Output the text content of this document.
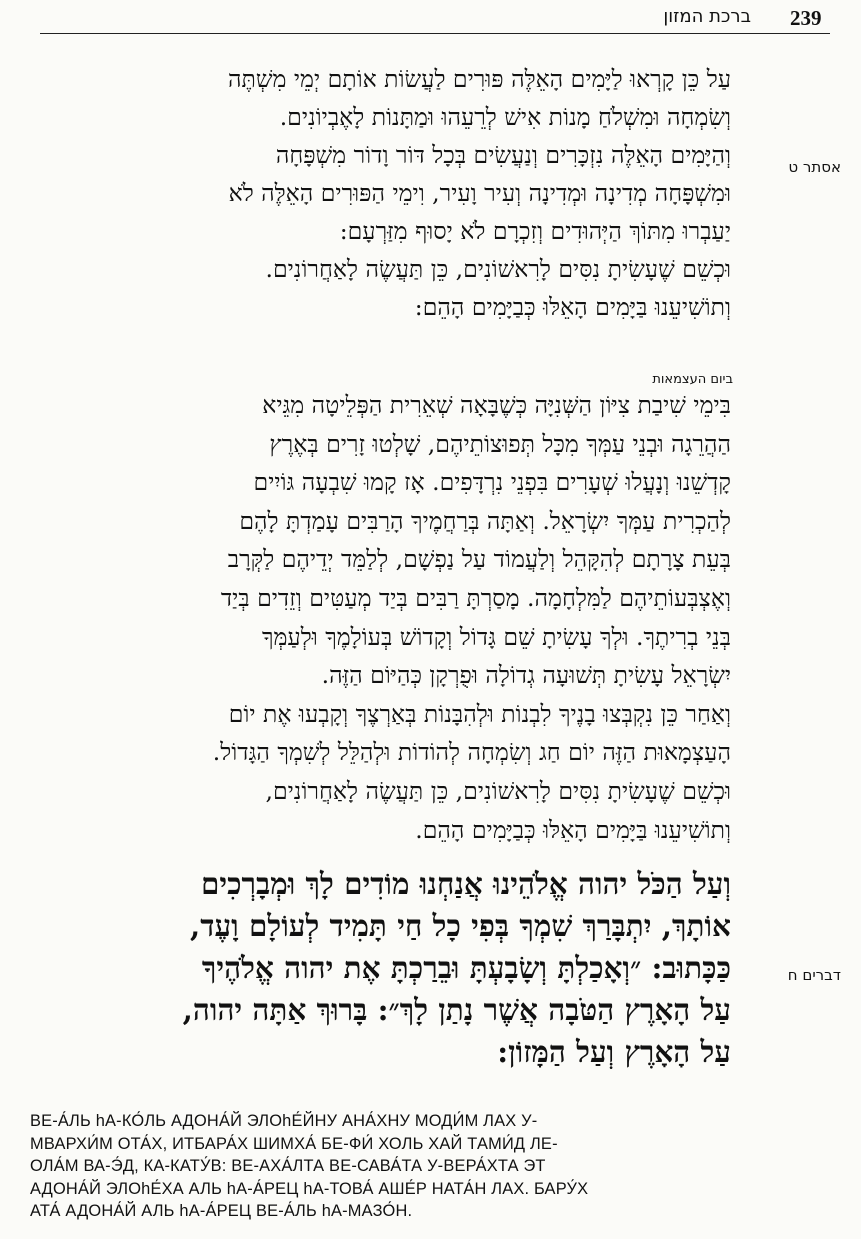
239
ברכת המזון
אסתר ט
עַל כֵּן קָרְאוּ לַיָּמִים הָאֵלֶּה פּוּרִים לַעֲשׂוֹת אוֹתָם יְמֵי מִשְׁתֶּה
וְשִׂמְחָה וּמִשְׁלֹחַ מָנוֹת אִישׁ לְרֵעֵהוּ וּמַתָּנוֹת לָאֶבְיוֹנִים.
וְהַיָּמִים הָאֵלֶּה נִזְכָּרִים וְנַעֲשִׂים בְּכָל דּוֹר וָדוֹר מִשְׁפָּחָה
וּמִשְׁפָּחָה מְדִינָה וּמְדִינָה וְעִיר וָעִיר, וִימֵי הַפּוּרִים הָאֵלֶּה לֹא
יַעַבְרוּ מִתּוֹךְ הַיְּהוּדִים וְזִכְרָם לֹא יָסוּף מִזַּרְעָם:
וּכְשֵׁם שֶׁעָשִׂיתָ נִסִּים לָרִאשׁוֹנִים, כֵּן תַּעֲשֶׂה לָאַחֲרוֹנִים.
וְתוֹשִׁיעֵנוּ בַּיָּמִים הָאֵלּוּ כְּבַיָּמִים הָהֵם:
ביום העצמאות
בִּימֵי שִׁיבַת צִיּוֹן הַשְּׁנִיָּה כְּשֶׁבָּאָה שְׁאֵרִית הַפְּלֵיטָה מִגֵּיא
הַהֲרֵגָה וּבְנֵי עַמְּךָ מִכָּל תְּפוּצוֹתֵיהֶם, שָׁלְטוּ זָרִים בְּאֶרֶץ
קָדְשֵׁנוּ וְנָעֲלוּ שְׁעָרִים בִּפְנֵי נִרְדָּפִים. אָז קָמוּ שִׁבְעָה גּוֹיִים
לְהַכְרִית עַמְּךָ יִשְׂרָאֵל. וְאַתָּה בְּרַחֲמֶיךָ הָרַבִּים עָמַדְתָּ לָהֶם
בְּעֵת צָרָתָם לְהִקָּהֵל וְלַעֲמוֹד עַל נַפְשָׁם, לְלַמֵּד יְדֵיהֶם לַקְּרָב
וְאֶצְבְּעוֹתֵיהֶם לַמִּלְחָמָה. מָסַרְתָּ רַבִּים בְּיַד מְעַטִּים וְזֵדִים בְּיַד
בְּנֵי בְרִיתֶךָ. וּלְךָ עָשִׂיתָ שֵׁם גָּדוֹל וְקָדוֹשׁ בְּעוֹלָמֶךָ וּלְעַמְּךָ
יִשְׂרָאֵל עָשִׂיתָ תְּשׁוּעָה גְדוֹלָה וּפֻרְקָן כְּהַיּוֹם הַזֶּה.
וְאַחַר כֵּן נִקְבְּצוּ בָנֶיךָ לִבְנוֹת וּלְהִבָּנוֹת בְּאַרְצֶךָ וְקָבְעוּ אֶת יוֹם
הָעַצְמָאוּת הַזֶּה יוֹם חַג וְשִׂמְחָה לְהוֹדוֹת וּלְהַלֵּל לְשִׁמְךָ הַגָּדוֹל.
וּכְשֵׁם שֶׁעָשִׂיתָ נִסִּים לָרִאשׁוֹנִים, כֵּן תַּעֲשֶׂה לָאַחֲרוֹנִים,
וְתוֹשִׁיעֵנוּ בַּיָּמִים הָאֵלּוּ כְּבַיָּמִים הָהֵם.
דברים ח
וְעַל הַכֹּל יהוה אֱלֹהֵינוּ אֲנַחְנוּ מוֹדִים לָךְ וּמְבָרְכִים
אוֹתָךְ, יִתְבָּרַךְ שִׁמְךָ בְּפִי כָל חַי תָּמִיד לְעוֹלָם וָעֶד,
כַּכָּתוּב: ״וְאָכַלְתָּ וְשָׂבָעְתָּ וּבֵרַכְתָּ אֶת יהוה אֱלֹהֶיךָ
עַל הָאָרֶץ הַטֹּבָה אֲשֶׁר נָתַן לָךְ״: בָּרוּךְ אַתָּה יהוה,
עַל הָאָרֶץ וְעַל הַמָּזוֹן:
ВЕ-А́ЛЬ hА-КО́ЛЬ АДОНА́Й ЭЛОhЕ́ЙНУ АНА́ХНУ МОДИ́М ЛАХ У-
МВАРХИ́М ОТА́Х, ИТБАРА́Х ШИМХА́ БЕ-ФИ́ ХОЛЬ ХАЙ ТАМИ́Д ЛЕ-
ОЛА́М ВА-Э́Д, КА-КАТУ́В: ВЕ-АХА́ЛТА ВЕ-САВА́ТА У-ВЕРА́ХТА ЭТ
АДОНА́Й ЭЛОhЕ́ХА АЛЬ hА-А́РЕЦ hА-ТОВА́ АШЕ́Р НАТА́Н ЛАХ. БАРУ́Х
АТА́ АДОНА́Й АЛЬ hА-А́РЕЦ ВЕ-А́ЛЬ hА-МАЗО́Н.
